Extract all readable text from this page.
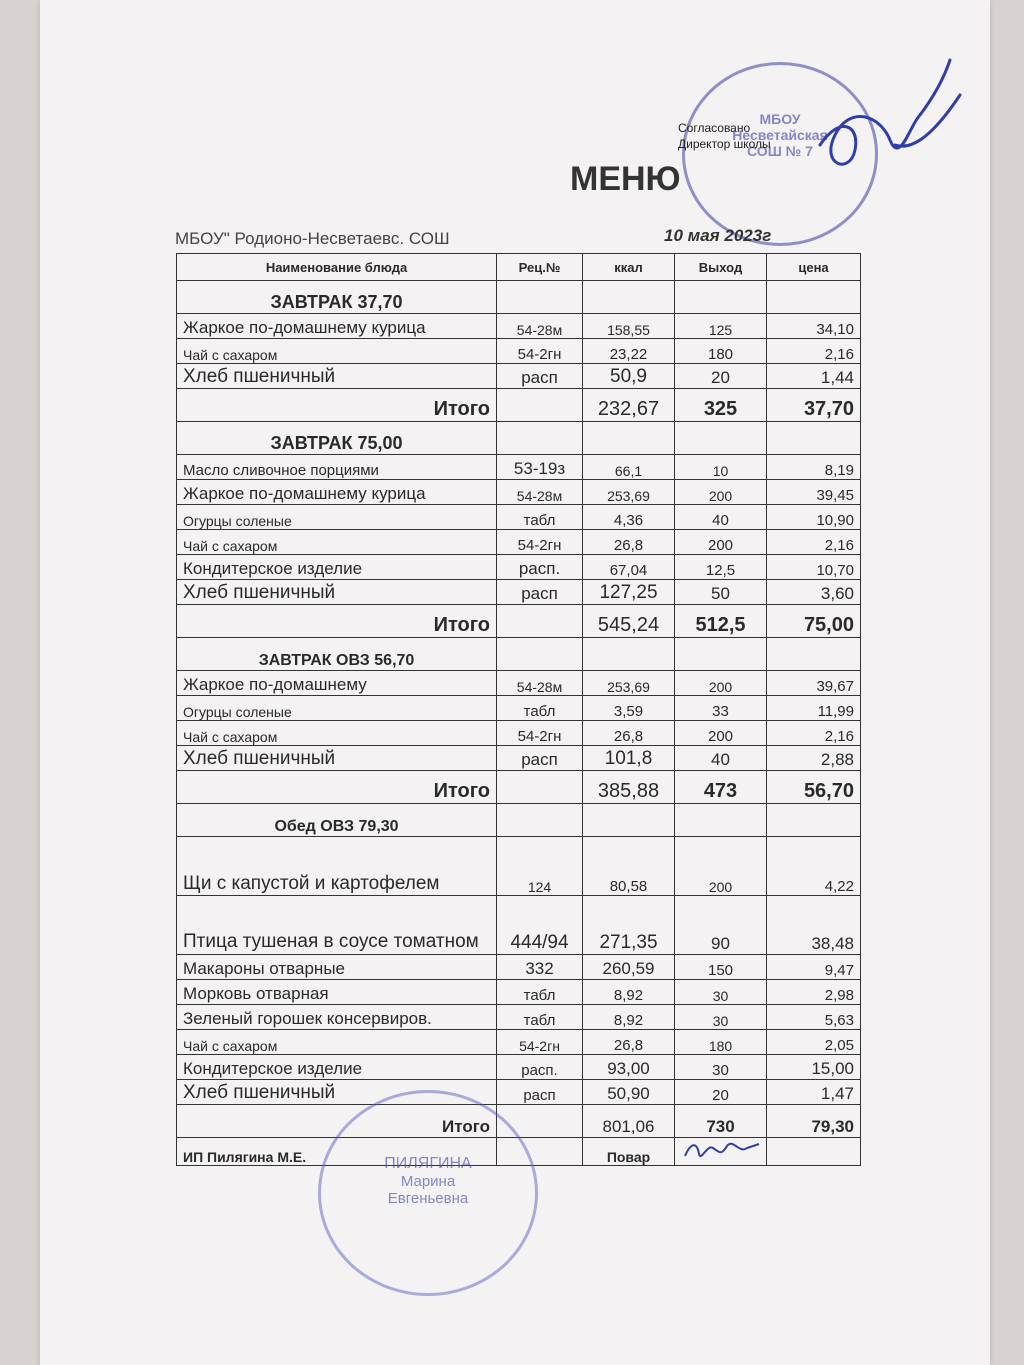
МБОУ
Несветайская
СОШ № 7
Согласовано
Директор школы
МЕНЮ
МБОУ" Родионо-Несветаевс. СОШ	10 мая 2023г
Наименование блюда	Рец.№	ккал	Выход	цена
ЗАВТРАК 37,70				
Жаркое по-домашнему курица	54-28м	158,55	125	34,10
Чай с сахаром	54-2гн	23,22	180	2,16
Хлеб пшеничный	расп	50,9	20	1,44
Итого		232,67	325	37,70
ЗАВТРАК 75,00				
Масло сливочное порциями	53-19з	66,1	10	8,19
Жаркое по-домашнему курица	54-28м	253,69	200	39,45
Огурцы соленые	табл	4,36	40	10,90
Чай с сахаром	54-2гн	26,8	200	2,16
Кондитерское изделие	расп.	67,04	12,5	10,70
Хлеб пшеничный	расп	127,25	50	3,60
Итого		545,24	512,5	75,00
ЗАВТРАК ОВЗ 56,70				
Жаркое по-домашнему	54-28м	253,69	200	39,67
Огурцы соленые	табл	3,59	33	11,99
Чай с сахаром	54-2гн	26,8	200	2,16
Хлеб пшеничный	расп	101,8	40	2,88
Итого		385,88	473	56,70
Обед ОВЗ 79,30				
Щи с капустой и картофелем	124	80,58	200	4,22
Птица тушеная в соусе томатном	444/94	271,35	90	38,48
Макароны отварные	332	260,59	150	9,47
Морковь отварная	табл	8,92	30	2,98
Зеленый горошек консервиров.	табл	8,92	30	5,63
Чай с сахаром	54-2гн	26,8	180	2,05
Кондитерское изделие	расп.	93,00	30	15,00
Хлеб пшеничный	расп	50,90	20	1,47
Итого		801,06	730	79,30
ИП Пилягина М.Е.		Повар		
ПИЛЯГИНА
Марина
Евгеньевна
